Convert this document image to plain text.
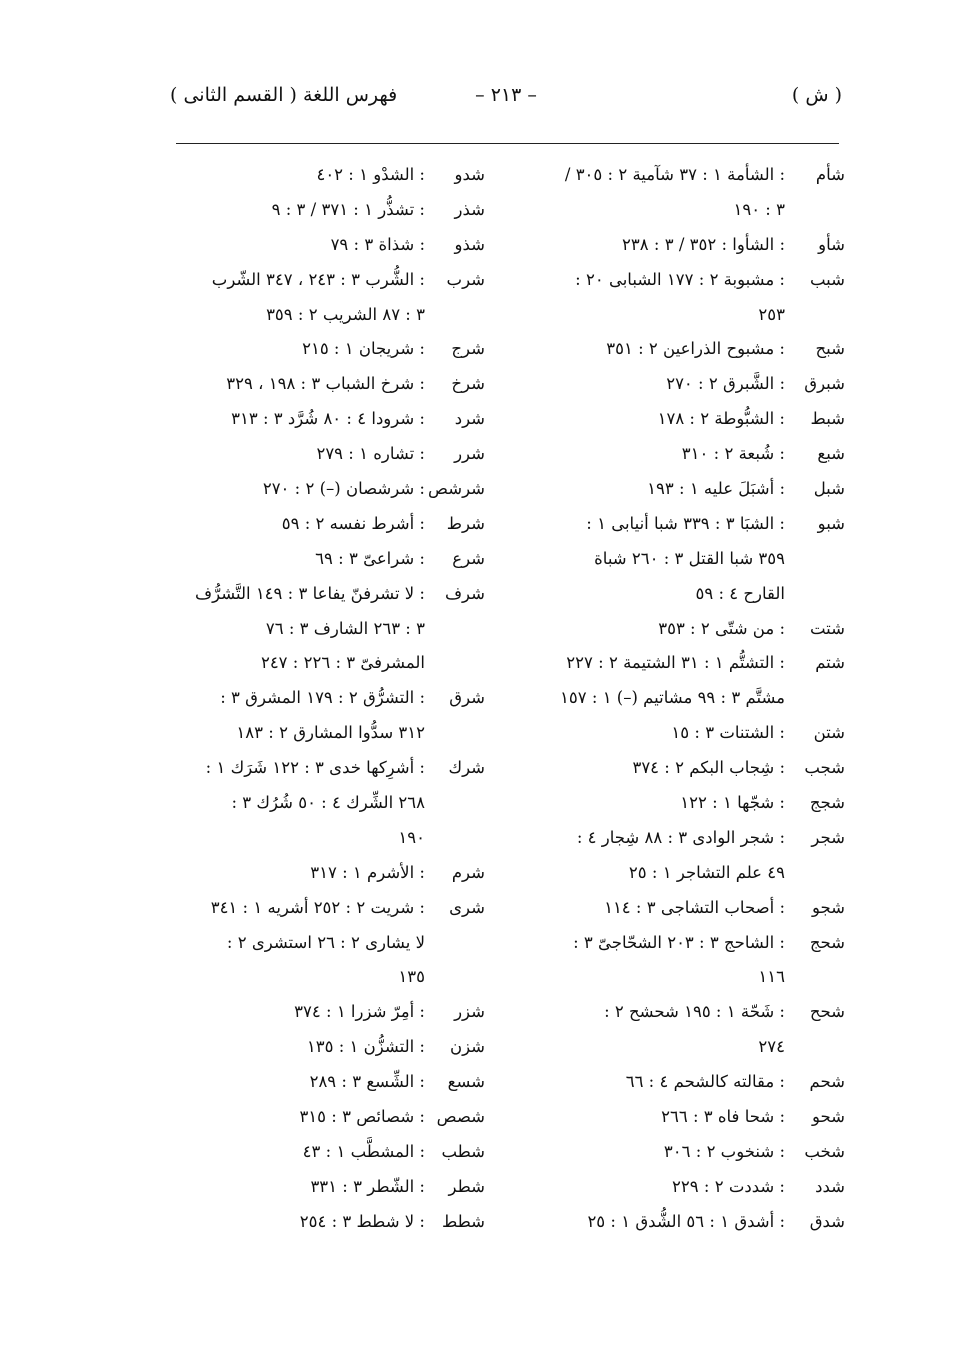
( ش )
– ٢١٣ –
فهرس اللغة ( القسم الثانى )
شأم
: الشأمة ١ : ٣٧ شآمية ٢ : ٣٠٥ /
٣ : ١٩٠
شأو
: الشأوا : ٣٥٢ / ٣ : ٢٣٨
شبب
: مشبوبة ٢ : ١٧٧ الشبابى ٢٠ :
٢٥٣
شبح
: مشبوح الذراعين ٢ : ٣٥١
شبرق
: الشَّبرق ٢ : ٢٧٠
شبط
: الشبُّوطة ٢ : ١٧٨
شبع
: شُبعة ٢ : ٣١٠
شبل
: أشبَلَ عليه ١ : ١٩٣
شبو
: الشبَا ٣ : ٣٣٩ شبا أنيابى ١ :
٣٥٩ شبا القتل ٣ : ٢٦٠ شباة
القارح ٤ : ٥٩
شتت
: من شتّى ٢ : ٣٥٣
شتم
: التشتُّم ١ : ٣١ الشتيمة ٢ : ٢٢٧
مشتَّم ٣ : ٩٩ مشاتيم (–) ١ : ١٥٧
شتن
: الشتنات ٣ : ١٥
شجب
: شِجاب البكم ٢ : ٣٧٤
شجج
: شجّها ١ : ١٢٢
شجر
: شجر الوادى ٣ : ٨٨ شِجار ٤ :
٤٩ علم التشاجر ١ : ٢٥
شجو
: أصحاب التشاجى ٣ : ١١٤
شحج
: الشاحج ٣ : ٢٠٣ الشحّاجىّ ٣ :
١١٦
شحح
: شَحّة ١ : ١٩٥ شحشح ٢ :
٢٧٤
شحم
: مقالته كالشحم ٤ : ٦٦
شحو
: شحا فاه ٣ : ٢٦٦
شخب
: شنخوب ٢ : ٣٠٦
شدد
: شددت ٢ : ٢٢٩
شدق
: أشدق ١ : ٥٦ الشُّدق ١ : ٢٥
شدو
: الشدْو ١ : ٤٠٢
شذر
: تشذُّر ١ : ٣٧١ / ٣ : ٩
شذو
: شذاة ٣ : ٧٩
شرب
: الشُّرب ٣ : ٢٤٣ ، ٣٤٧ الشّرب
٣ : ٨٧ الشريب ٢ : ٣٥٩
شرج
: شريجان ١ : ٢١٥
شرخ
: شرخ الشباب ٣ : ١٩٨ ، ٣٢٩
شرد
: شرودا ٤ : ٨٠ شُرَّد ٣ : ٣١٣
شرر
: تشاره ١ : ٢٧٩
شرشص
: شرشصان (–) ٢ : ٢٧٠
شرط
: أشرط نفسه ٢ : ٥٩
شرع
: شراعىّ ٣ : ٦٩
شرف
: لا تشرفنّ يفاعا ٣ : ١٤٩ التَّشرُّف
٣ : ٢٦٣ الشارف ٣ : ٧٦
المشرفىّ ٣ : ٢٢٦ : ٢٤٧
شرق
: التشرُّق ٢ : ١٧٩ المشرق ٣ :
٣١٢ سدُّوا المشارق ٢ : ١٨٣
شرك
: أشرِكها خدى ٣ : ١٢٢ شَرَك ١ :
٢٦٨ الشِّرك ٤ : ٥٠ شُرُك ٣ :
١٩٠
شرم
: الأشرم ١ : ٣١٧
شرى
: شريت ٢ : ٢٥٢ أشريه ١ : ٣٤١
لا يشارى ٢ : ٢٦ استشرى ٢ :
١٣٥
شزر
: أمِرّ شزرا ١ : ٣٧٤
شزن
: التشزُّن ١ : ١٣٥
شسع
: الشِّسع ٣ : ٢٨٩
شصص
: شصائص ٣ : ٣١٥
شطب
: المشطَّب ١ : ٤٣
شطر
: الشّطر ٣ : ٣٣١
شطط
: لا شطط ٣ : ٢٥٤
